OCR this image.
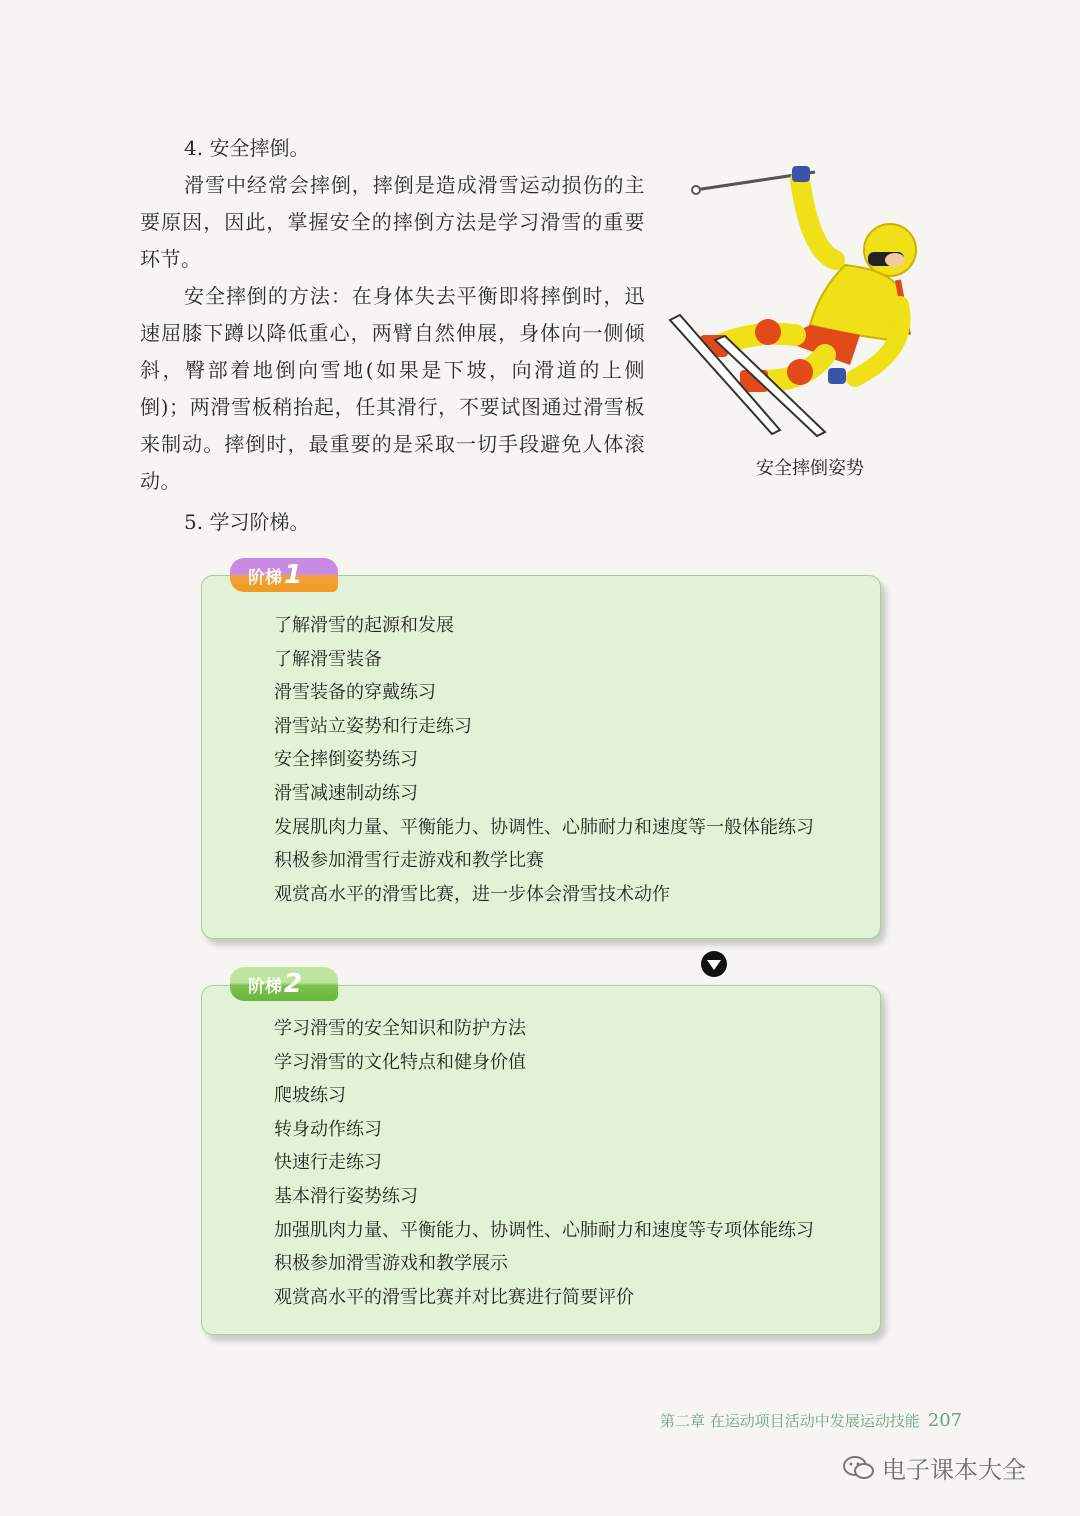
4. 安全摔倒。
滑雪中经常会摔倒，摔倒是造成滑雪运动损伤的主要原因，因此，掌握安全的摔倒方法是学习滑雪的重要环节。
安全摔倒的方法：在身体失去平衡即将摔倒时，迅速屈膝下蹲以降低重心，两臂自然伸展，身体向一侧倾斜，臀部着地倒向雪地(如果是下坡，向滑道的上侧倒)；两滑雪板稍抬起，任其滑行，不要试图通过滑雪板来制动。摔倒时，最重要的是采取一切手段避免人体滚动。
安全摔倒姿势
5. 学习阶梯。
阶梯 1
了解滑雪的起源和发展
了解滑雪装备
滑雪装备的穿戴练习
滑雪站立姿势和行走练习
安全摔倒姿势练习
滑雪减速制动练习
发展肌肉力量、平衡能力、协调性、心肺耐力和速度等一般体能练习
积极参加滑雪行走游戏和教学比赛
观赏高水平的滑雪比赛，进一步体会滑雪技术动作
阶梯 2
学习滑雪的安全知识和防护方法
学习滑雪的文化特点和健身价值
爬坡练习
转身动作练习
快速行走练习
基本滑行姿势练习
加强肌肉力量、平衡能力、协调性、心肺耐力和速度等专项体能练习
积极参加滑雪游戏和教学展示
观赏高水平的滑雪比赛并对比赛进行简要评价
第二章 在运动项目活动中发展运动技能 207
电子课本大全
